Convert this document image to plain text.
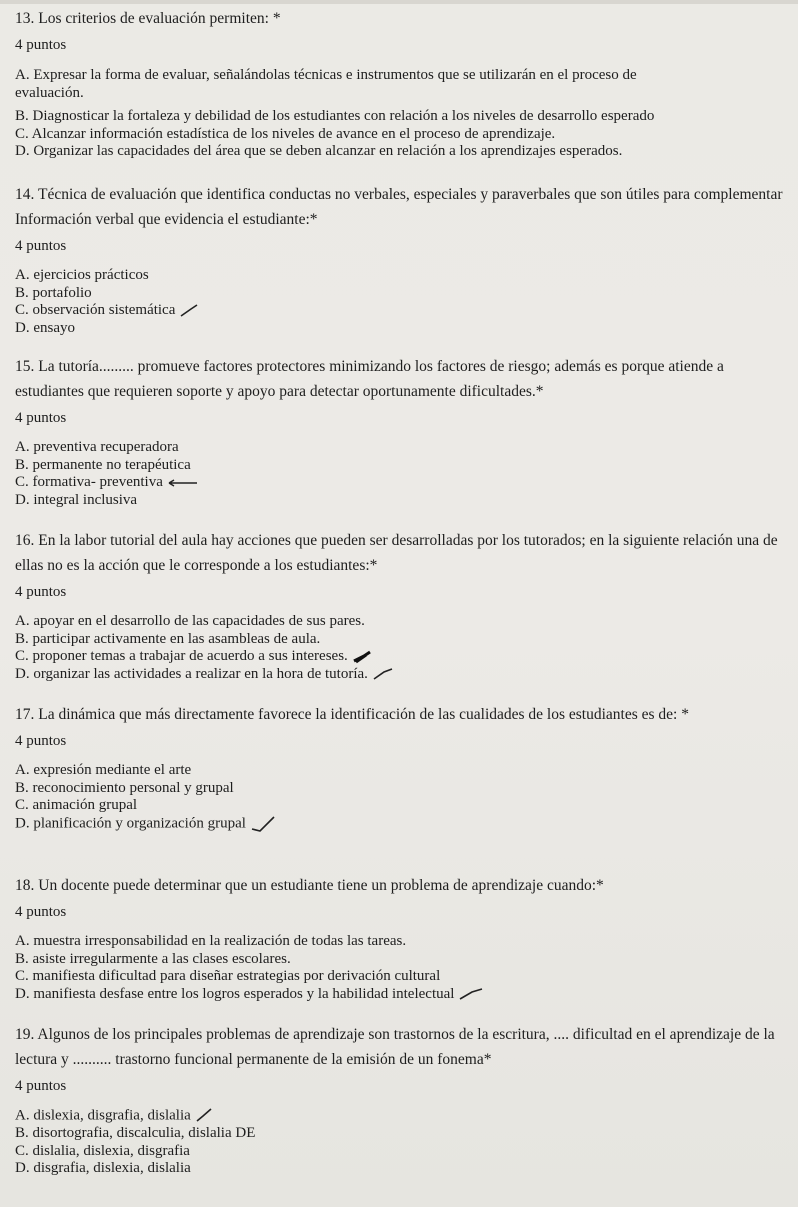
13. Los criterios de evaluación permiten: *

4 puntos

A. Expresar la forma de evaluar, señalándolas técnicas e instrumentos que se utilizarán en el proceso de evaluación.
B. Diagnosticar la fortaleza y debilidad de los estudiantes con relación a los niveles de desarrollo esperado
C. Alcanzar información estadística de los niveles de avance en el proceso de aprendizaje.
D. Organizar las capacidades del área que se deben alcanzar en relación a los aprendizajes esperados.

14. Técnica de evaluación que identifica conductas no verbales, especiales y paraverbales que son útiles para complementar Información verbal que evidencia el estudiante:*

4 puntos

A. ejercicios prácticos
B. portafolio
C. observación sistemática
D. ensayo

15. La tutoría......... promueve factores protectores minimizando los factores de riesgo; además es porque atiende a estudiantes que requieren soporte y apoyo para detectar oportunamente dificultades.*

4 puntos

A. preventiva recuperadora
B. permanente no terapéutica
C. formativa- preventiva
D. integral inclusiva

16. En la labor tutorial del aula hay acciones que pueden ser desarrolladas por los tutorados; en la siguiente relación una de ellas no es la acción que le corresponde a los estudiantes:*

4 puntos

A. apoyar en el desarrollo de las capacidades de sus pares.
B. participar activamente en las asambleas de aula.
C. proponer temas a trabajar de acuerdo a sus intereses.
D. organizar las actividades a realizar en la hora de tutoría.

17. La dinámica que más directamente favorece la identificación de las cualidades de los estudiantes es de: *

4 puntos

A. expresión mediante el arte
B. reconocimiento personal y grupal
C. animación grupal
D. planificación y organización grupal

18. Un docente puede determinar que un estudiante tiene un problema de aprendizaje cuando:*

4 puntos

A. muestra irresponsabilidad en la realización de todas las tareas.
B. asiste irregularmente a las clases escolares.
C. manifiesta dificultad para diseñar estrategias por derivación cultural
D. manifiesta desfase entre los logros esperados y la habilidad intelectual

19. Algunos de los principales problemas de aprendizaje son trastornos de la escritura, .... dificultad en el aprendizaje de la lectura y .......... trastorno funcional permanente de la emisión de un fonema*

4 puntos

A. dislexia, disgrafia, dislalia
B. disortografia, discalculia, dislalia DE
C. dislalia, dislexia, disgrafia
D. disgrafia, dislexia, dislalia
